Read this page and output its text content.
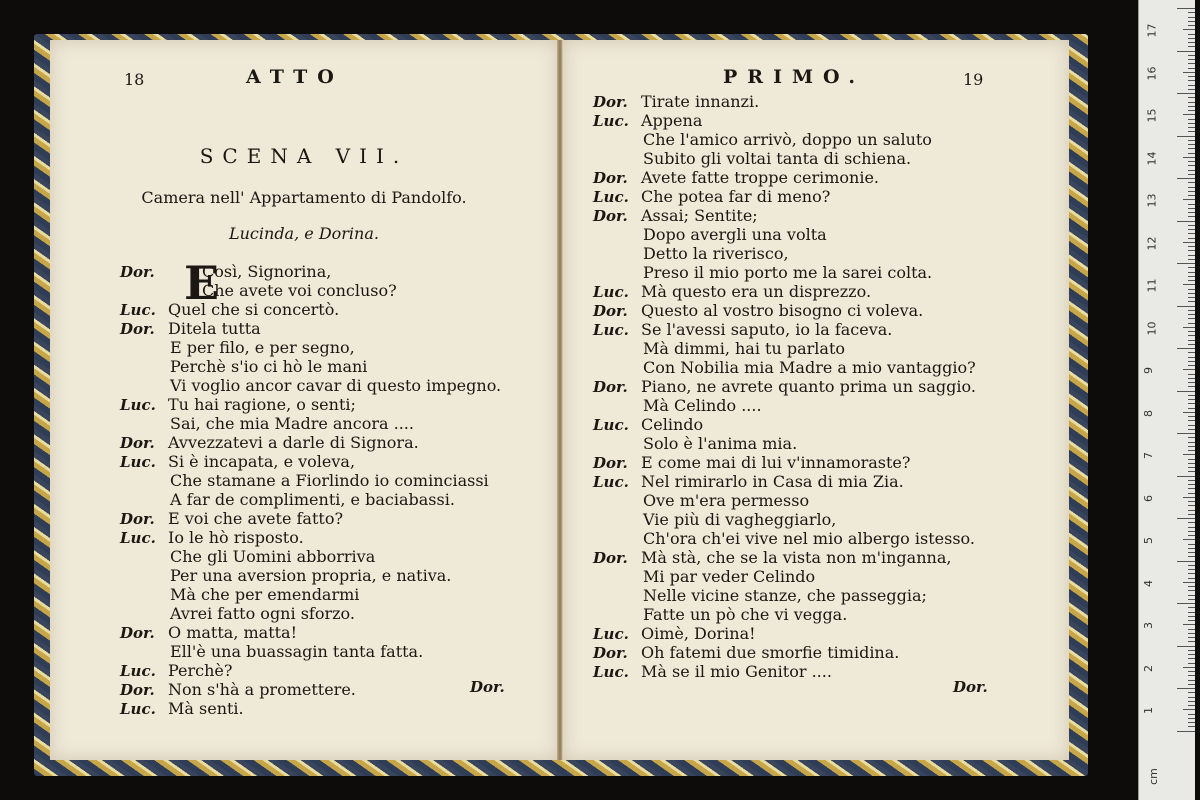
18	ATTO
SCENA VII.
Camera nell' Appartamento di Pandolfo.
Lucinda, e Dorina.
E
Dor.	Così, Signorina,
Che avete voi concluso?
Luc. Quel che si concertò.
Dor. Ditela tutta
E per filo, e per segno,
Perchè s'io ci hò le mani
Vi voglio ancor cavar di questo impegno.
Luc. Tu hai ragione, o senti;
Sai, che mia Madre ancora ....
Dor. Avvezzatevi a darle di Signora.
Luc. Si è incapata, e voleva,
Che stamane a Fiorlindo io cominciassi
A far de complimenti, e baciabassi.
Dor. E voi che avete fatto?
Luc. Io le hò risposto.
Che gli Uomini abborriva
Per una aversion propria, e nativa.
Mà che per emendarmi
Avrei fatto ogni sforzo.
Dor. O matta, matta!
Ell'è una buassagin tanta fatta.
Luc. Perchè?
Dor. Non s'hà a promettere.
Luc. Mà senti.
Dor.
PRIMO.	19
Dor. Tirate innanzi.
Luc. Appena
Che l'amico arrivò, doppo un saluto
Subito gli voltai tanta di schiena.
Dor. Avete fatte troppe cerimonie.
Luc. Che potea far di meno?
Dor. Assai; Sentite;
Dopo avergli una volta
Detto la riverisco,
Preso il mio porto me la sarei colta.
Luc. Mà questo era un disprezzo.
Dor. Questo al vostro bisogno ci voleva.
Luc. Se l'avessi saputo, io la faceva.
Mà dimmi, hai tu parlato
Con Nobilia mia Madre a mio vantaggio?
Dor. Piano, ne avrete quanto prima un saggio.
Mà Celindo ....
Luc. Celindo
Solo è l'anima mia.
Dor. E come mai di lui v'innamoraste?
Luc. Nel rimirarlo in Casa di mia Zia.
Ove m'era permesso
Vie più di vagheggiarlo,
Ch'ora ch'ei vive nel mio albergo istesso.
Dor. Mà stà, che se la vista non m'inganna,
Mi par veder Celindo
Nelle vicine stanze, che passeggia;
Fatte un pò che vi vegga.
Luc. Oimè, Dorina!
Dor. Oh fatemi due smorfie timidina.
Luc. Mà se il mio Genitor ....
Dor.
17
16
15
14
13
12
11
10
9
8
7
6
5
4
3
2
1
cm
